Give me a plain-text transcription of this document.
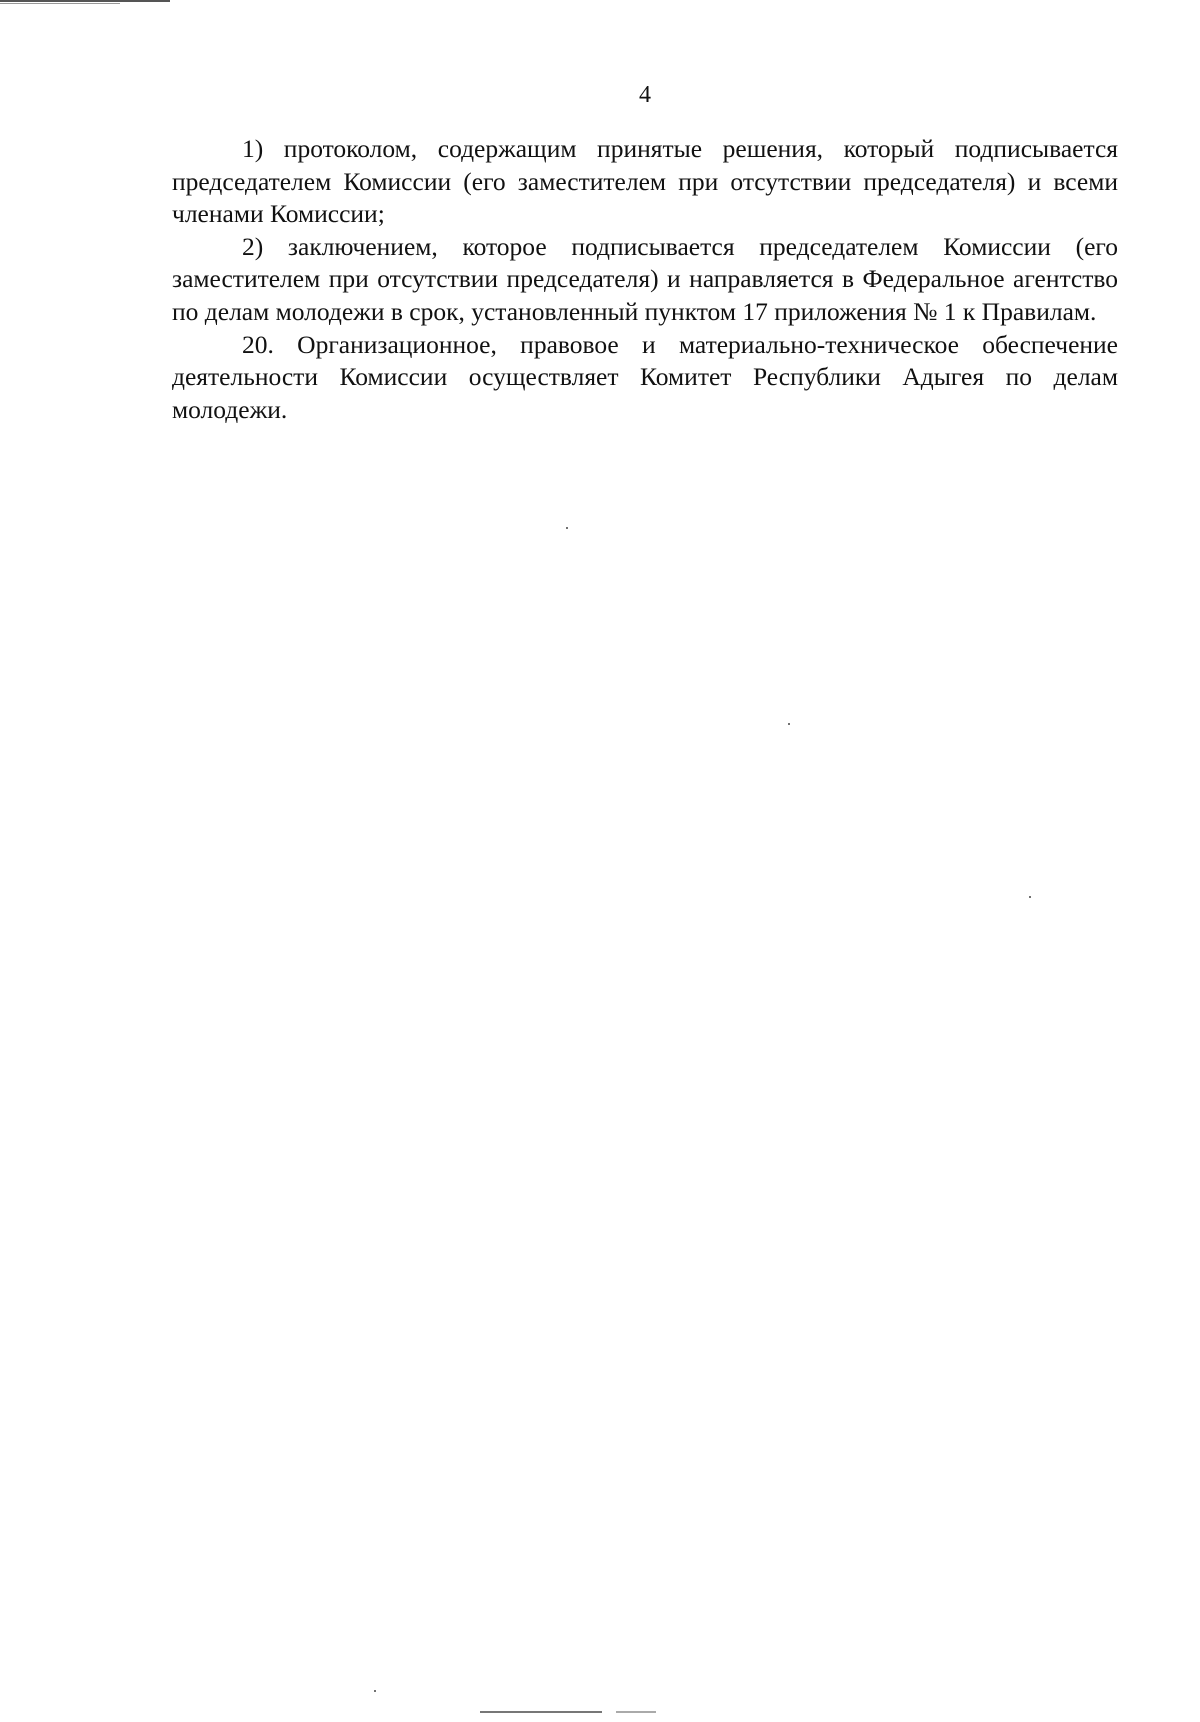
4

1) протоколом, содержащим принятые решения, который подписывается председателем Комиссии (его заместителем при отсутствии председателя) и всеми членами Комиссии;

2) заключением, которое подписывается председателем Комиссии (его заместителем при отсутствии председателя) и направляется в Федеральное агентство по делам молодежи в срок, установленный пунктом 17 приложения № 1 к Правилам.

20. Организационное, правовое и материально-техническое обеспечение деятельности Комиссии осуществляет Комитет Республики Адыгея по делам молодежи.
